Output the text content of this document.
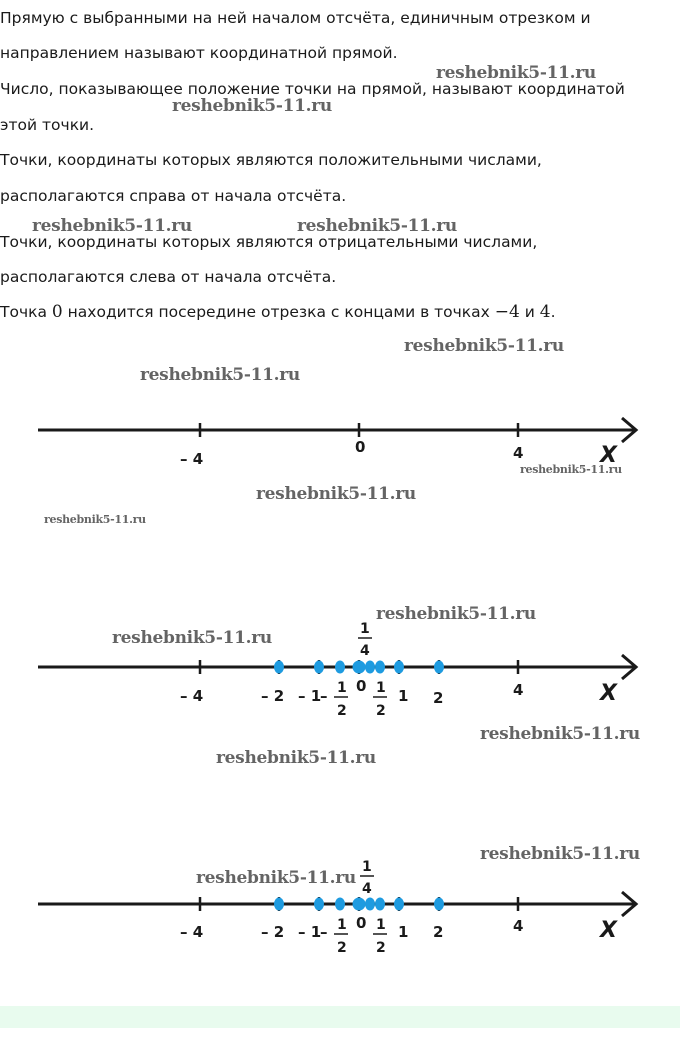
Прямую с выбранными на ней началом отсчёта, единичным отрезком и

направлением называют координатной прямой.

Число, показывающее положение точки на прямой, называют координатой

этой точки.

Точки, координаты которых являются положительными числами,

располагаются справа от начала отсчёта.

Точки, координаты которых являются отрицательными числами,

располагаются слева от начала отсчёта.

Точка 0 находится посередине отрезка с концами в точках −4 и 4.

reshebnik5-11.ru
reshebnik5-11.ru
reshebnik5-11.ru	reshebnik5-11.ru
reshebnik5-11.ru
reshebnik5-11.ru
reshebnik5-11.ru
reshebnik5-11.ru
reshebnik5-11.ru
reshebnik5-11.ru
reshebnik5-11.ru
reshebnik5-11.ru
reshebnik5-11.ru
reshebnik5-11.ru
reshebnik5-11.ru
– 4
0	4	X
1
4
– 4	– 2 – 1
– 1
2
0 1
2
1 2	4	X
1
4
– 4	– 2 – 1
– 1
2
0 1
2
1 2	4	X
